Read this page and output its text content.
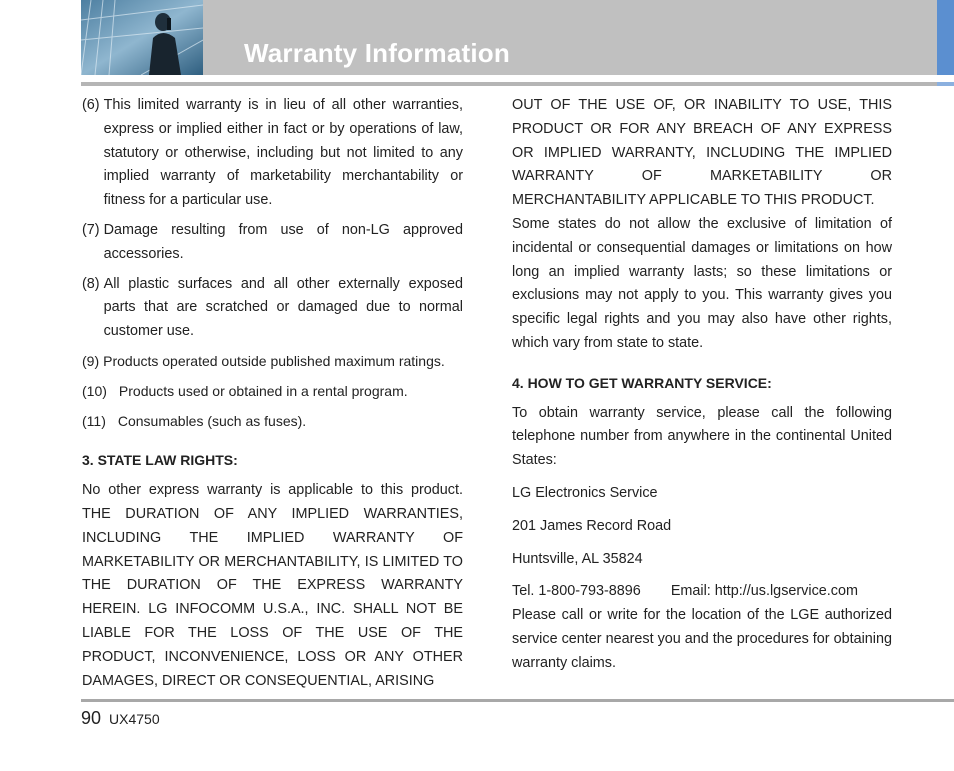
Warranty Information
(6) This limited warranty is in lieu of all other warranties, express or implied either in fact or by operations of law, statutory or otherwise, including but not limited to any implied warranty of marketability merchantability or fitness for a particular use.
(7) Damage resulting from use of non-LG approved accessories.
(8) All plastic surfaces and all other externally exposed parts that are scratched or damaged due to normal customer use.
(9) Products operated outside published maximum ratings.
(10) Products used or obtained in a rental program.
(11) Consumables (such as fuses).
3. STATE LAW RIGHTS:

No other express warranty is applicable to this product. THE DURATION OF ANY IMPLIED WARRANTIES, INCLUDING THE IMPLIED WARRANTY OF MARKETABILITY OR MERCHANTABILITY, IS LIMITED TO THE DURATION OF THE EXPRESS WARRANTY HEREIN. LG INFOCOMM U.S.A., INC. SHALL NOT BE LIABLE FOR THE LOSS OF THE USE OF THE PRODUCT, INCONVENIENCE, LOSS OR ANY OTHER DAMAGES, DIRECT OR CONSEQUENTIAL, ARISING

OUT OF THE USE OF, OR INABILITY TO USE, THIS PRODUCT OR FOR ANY BREACH OF ANY EXPRESS OR IMPLIED WARRANTY, INCLUDING THE IMPLIED WARRANTY OF MARKETABILITY OR MERCHANTABILITY APPLICABLE TO THIS PRODUCT.

Some states do not allow the exclusive of limitation of incidental or consequential damages or limitations on how long an implied warranty lasts; so these limitations or exclusions may not apply to you. This warranty gives you specific legal rights and you may also have other rights, which vary from state to state.

4. HOW TO GET WARRANTY SERVICE:

To obtain warranty service, please call the following telephone number from anywhere in the continental United States:

LG Electronics Service

201 James Record Road

Huntsville, AL 35824

Tel. 1-800-793-8896 Email: http://us.lgservice.com

Please call or write for the location of the LGE authorized service center nearest you and the procedures for obtaining warranty claims.

90 UX4750
